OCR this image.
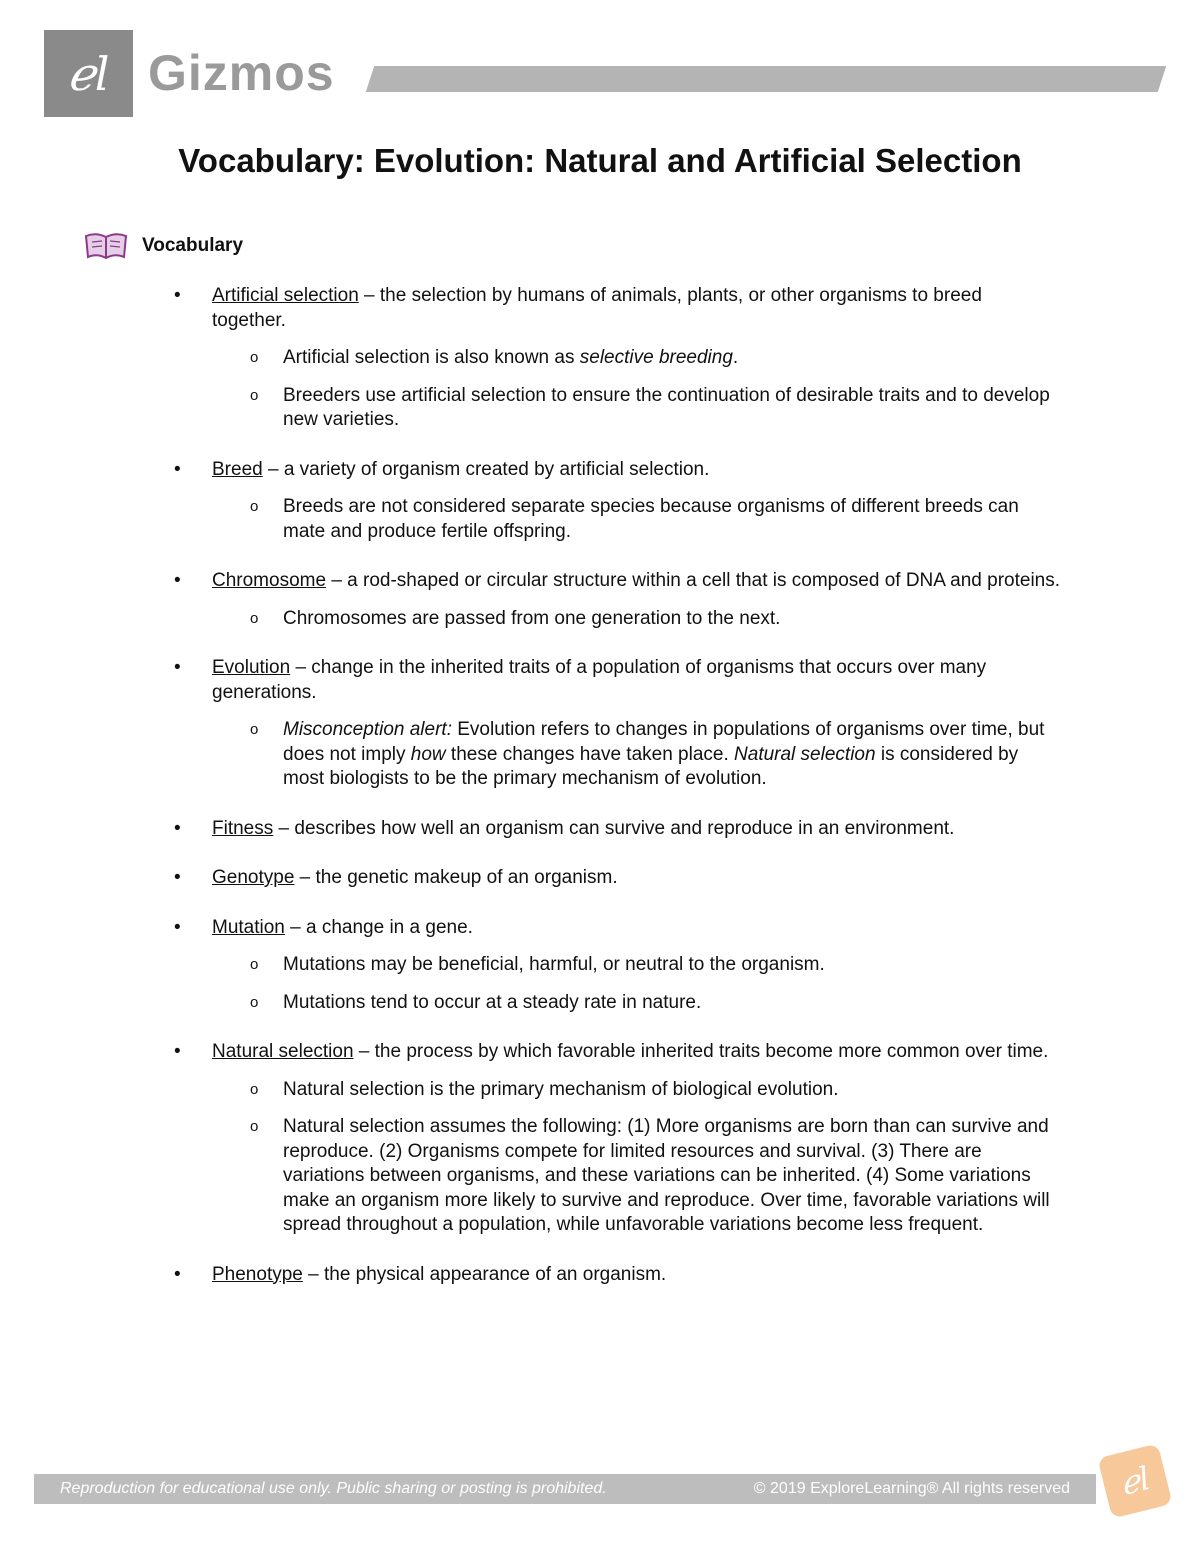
ℯl Gizmos
Vocabulary: Evolution: Natural and Artificial Selection
Vocabulary
• Artificial selection – the selection by humans of animals, plants, or other organisms to breed together.
o Artificial selection is also known as selective breeding.
o Breeders use artificial selection to ensure the continuation of desirable traits and to develop new varieties.
• Breed – a variety of organism created by artificial selection.
o Breeds are not considered separate species because organisms of different breeds can mate and produce fertile offspring.
• Chromosome – a rod-shaped or circular structure within a cell that is composed of DNA and proteins.
o Chromosomes are passed from one generation to the next.
• Evolution – change in the inherited traits of a population of organisms that occurs over many generations.
o Misconception alert: Evolution refers to changes in populations of organisms over time, but does not imply how these changes have taken place. Natural selection is considered by most biologists to be the primary mechanism of evolution.
• Fitness – describes how well an organism can survive and reproduce in an environment.
• Genotype – the genetic makeup of an organism.
• Mutation – a change in a gene.
o Mutations may be beneficial, harmful, or neutral to the organism.
o Mutations tend to occur at a steady rate in nature.
• Natural selection – the process by which favorable inherited traits become more common over time.
o Natural selection is the primary mechanism of biological evolution.
o Natural selection assumes the following: (1) More organisms are born than can survive and reproduce. (2) Organisms compete for limited resources and survival. (3) There are variations between organisms, and these variations can be inherited. (4) Some variations make an organism more likely to survive and reproduce. Over time, favorable variations will spread throughout a population, while unfavorable variations become less frequent.
• Phenotype – the physical appearance of an organism.
Reproduction for educational use only. Public sharing or posting is prohibited.	© 2019 ExploreLearning® All rights reserved	ℯl
